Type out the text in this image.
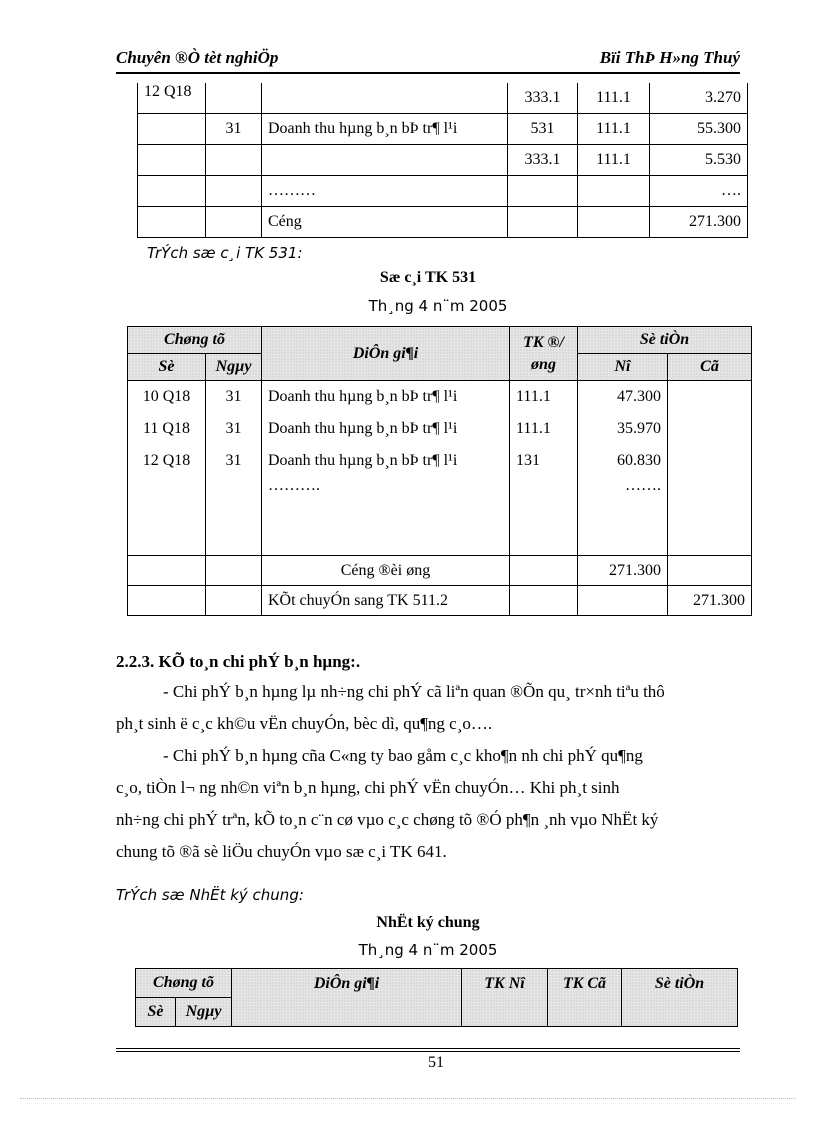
Chuyên ®Ò tèt nghiÖp	Bïi ThÞ H»ng Thuý
12 Q18			333.1	111.1	3.270
	31	Doanh thu hµng b¸n bÞ tr¶ l¹i	531	111.1	55.300
			333.1	111.1	5.530
		………			….
		Céng			271.300
TrÝch sæ c¸i TK 531:
Sæ c¸i TK 531
Th¸ng 4 n¨m 2005
Chøng tõ		DiÔn gi¶i	TK ®/øng	Sè tiÒn	
Sè	Ngµy			Nî	Cã
10 Q18	31	Doanh thu hµng b¸n bÞ tr¶ l¹i	111.1	47.300	
11 Q18	31	Doanh thu hµng b¸n bÞ tr¶ l¹i	111.1	35.970	
12 Q18	31	Doanh thu hµng b¸n bÞ tr¶ l¹i	131	60.830	
		……….		…….	
		Céng ®èi øng		271.300	
		KÕt chuyÓn sang TK 511.2			271.300
2.2.3. KÕ to¸n chi phÝ b¸n hµng:.
- Chi phÝ b¸n hµng lµ nh÷ng chi phÝ cã liªn quan ®Õn qu¸ tr×nh tiªu thô
ph¸t sinh ë c¸c kh©u vËn chuyÓn, bèc dì, qu¶ng c¸o….
- Chi phÝ b¸n hµng cña C«ng ty bao gåm c¸c kho¶n nh chi phÝ qu¶ng
c¸o, tiÒn l¬ ng nh©n viªn b¸n hµng, chi phÝ vËn chuyÓn… Khi ph¸t sinh
nh÷ng chi phÝ trªn, kÕ to¸n c¨n cø vµo c¸c chøng tõ ®Ó ph¶n ¸nh vµo NhËt ký
chung tõ ®ã sè liÖu chuyÓn vµo sæ c¸i TK 641.
TrÝch sæ NhËt ký chung:
NhËt ký chung
Th¸ng 4 n¨m 2005
Chøng tõ		DiÔn gi¶i	TK Nî	TK Cã	Sè tiÒn
Sè	Ngµy				
51
